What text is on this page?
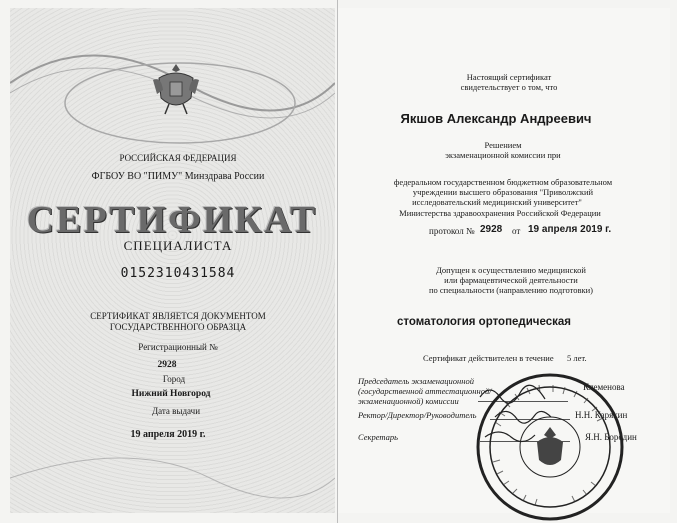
РОССИЙСКАЯ ФЕДЕРАЦИЯ
ФГБОУ ВО "ПИМУ" Минздрава России
СЕРТИФИКАТ
СПЕЦИАЛИСТА
0152310431584
СЕРТИФИКАТ ЯВЛЯЕТСЯ ДОКУМЕНТОМ
ГОСУДАРСТВЕННОГО ОБРАЗЦА
Регистрационный №
2928
Город
Нижний Новгород
Дата выдачи
19 апреля 2019 г.
Настоящий сертификат
свидетельствует о том, что
Якшов Александр Андреевич
Решением
экзаменационной комиссии при
федеральном государственном бюджетном образовательном
учреждении высшего образования "Приволжский
исследовательский медицинский университет"
Министерства здравоохранения Российской Федерации
протокол № 2928 от 19 апреля 2019 г.
Допущен к осуществлению медицинской
или фармацевтической деятельности
по специальности (направлению подготовки)
стоматология ортопедическая
Сертификат действителен в течение 5 лет.
Председатель экзаменационной
(государственной аттестационной/
экзаменационной) комиссии
Клеменова
Ректор/Директор/Руководитель	Н.Н. Карякин
Секретарь	Я.Н. Бородин
